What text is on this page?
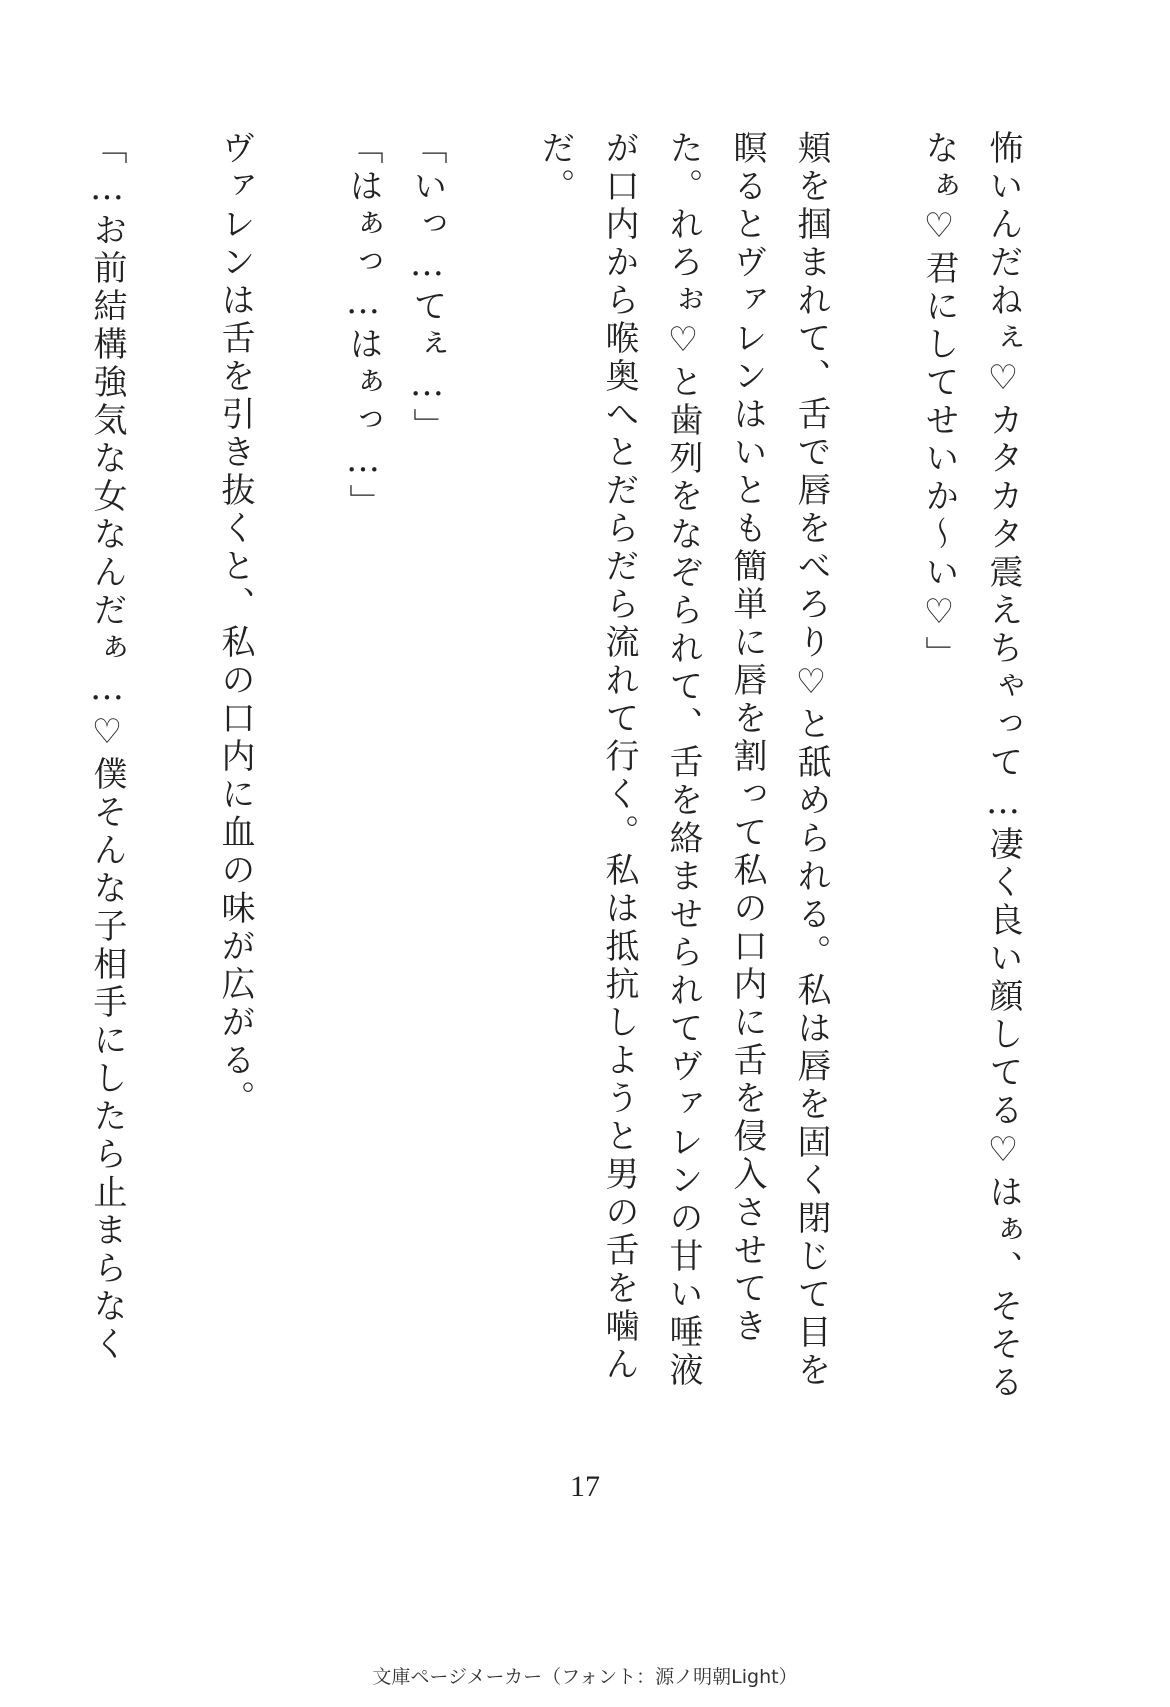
怖いんだねぇ♡カタカタ震えちゃって…凄く良い顔してる♡はぁ、そそるなぁ♡君にしてせいか〜い♡」
頬を掴まれて、舌で唇をべろり♡と舐められる。私は唇を固く閉じて目を瞑るとヴァレンはいとも簡単に唇を割って私の口内に舌を侵入させてきた。れろぉ♡と歯列をなぞられて、舌を絡ませられてヴァレンの甘い唾液が口内から喉奥へとだらだら流れて行く。私は抵抗しようと男の舌を噛んだ。
「いっ…てぇ…」
「はぁっ…はぁっ…」
ヴァレンは舌を引き抜くと、私の口内に血の味が広がる。
「…お前結構強気な女なんだぁ…♡僕そんな子相手にしたら止まらなく
17
文庫ページメーカー（フォント：源ノ明朝Light）
